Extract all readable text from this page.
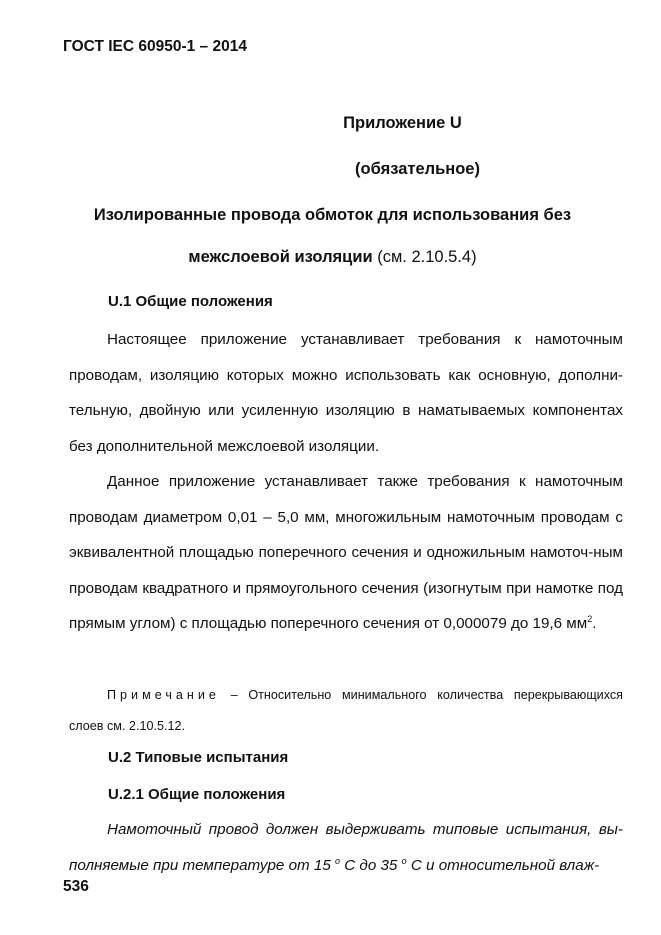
ГОСТ IEC 60950-1 – 2014
Приложение U
(обязательное)
Изолированные провода обмоток для использования без
межслоевой изоляции (см. 2.10.5.4)
U.1 Общие положения
Настоящее приложение устанавливает требования к намоточным проводам, изоляцию которых можно использовать как основную, дополни-тельную, двойную или усиленную изоляцию в наматываемых компонентах без дополнительной межслоевой изоляции.
Данное приложение устанавливает также требования к намоточным проводам диаметром 0,01 – 5,0 мм, многожильным намоточным проводам с эквивалентной площадью поперечного сечения и одножильным намоточ-ным проводам квадратного и прямоугольного сечения (изогнутым при намотке под прямым углом) с площадью поперечного сечения от 0,000079 до 19,6 $мм^2$.
Примечание – Относительно минимального количества перекрывающихся слоев см. 2.10.5.12.
U.2 Типовые испытания
U.2.1 Общие положения
Намоточный провод должен выдерживать типовые испытания, вы-полняемые при температуре от 15 $^o$ С до 35 $^o$ С и относительной влаж-
536
